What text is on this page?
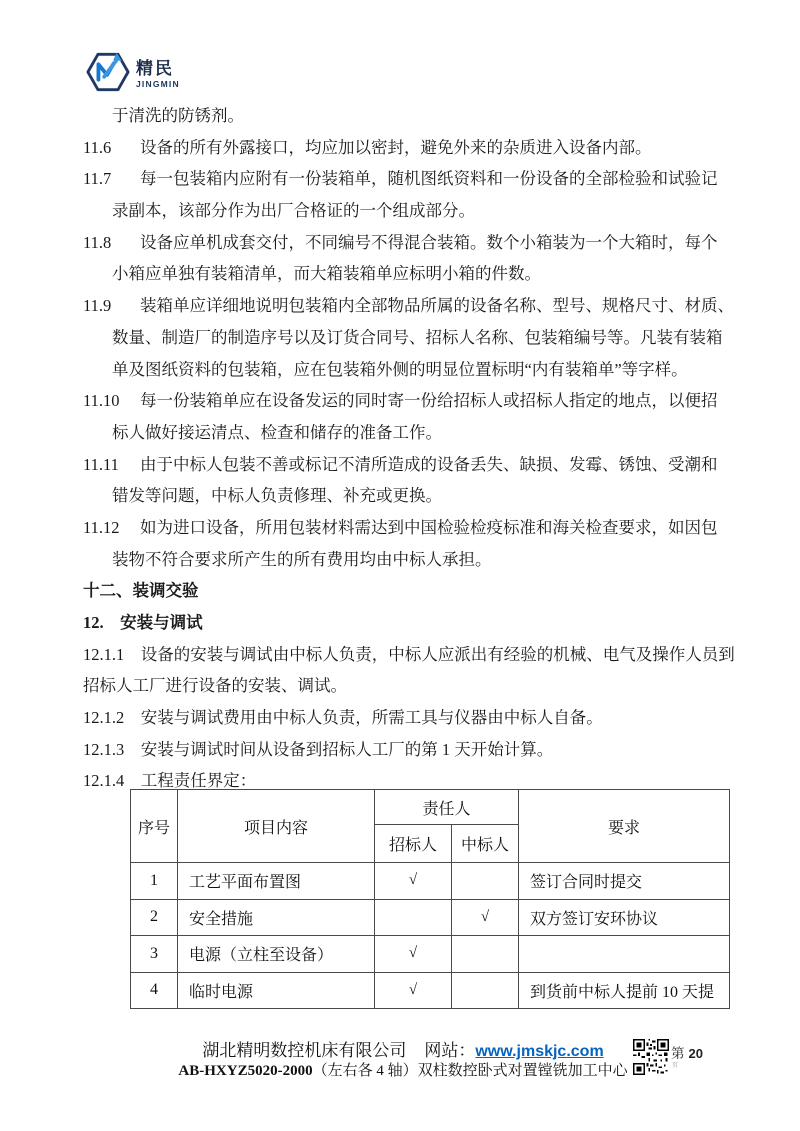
精民
JINGMIN
于清洗的防锈剂。
11.6 设备的所有外露接口，均应加以密封，避免外来的杂质进入设备内部。
11.7 每一包装箱内应附有一份装箱单，随机图纸资料和一份设备的全部检验和试验记
录副本，该部分作为出厂合格证的一个组成部分。
11.8 设备应单机成套交付，不同编号不得混合装箱。数个小箱装为一个大箱时，每个
小箱应单独有装箱清单，而大箱装箱单应标明小箱的件数。
11.9 装箱单应详细地说明包装箱内全部物品所属的设备名称、型号、规格尺寸、材质、
数量、制造厂的制造序号以及订货合同号、招标人名称、包装箱编号等。凡装有装箱
单及图纸资料的包装箱，应在包装箱外侧的明显位置标明“内有装箱单”等字样。
11.10 每一份装箱单应在设备发运的同时寄一份给招标人或招标人指定的地点，以便招
标人做好接运清点、检查和储存的准备工作。
11.11 由于中标人包装不善或标记不清所造成的设备丢失、缺损、发霉、锈蚀、受潮和
错发等问题，中标人负责修理、补充或更换。
11.12 如为进口设备，所用包装材料需达到中国检验检疫标准和海关检查要求，如因包
装物不符合要求所产生的所有费用均由中标人承担。
十二、装调交验
12.　安装与调试
12.1.1　设备的安装与调试由中标人负责，中标人应派出有经验的机械、电气及操作人员到
招标人工厂进行设备的安装、调试。
12.1.2　安装与调试费用由中标人负责，所需工具与仪器由中标人自备。
12.1.3　安装与调试时间从设备到招标人工厂的第 1 天开始计算。
12.1.4　工程责任界定：
序号	项目内容	责任人		要求
		招标人	中标人	
1	工艺平面布置图	√		签订合同时提交
2	安全措施		√	双方签订安环协议
3	电源（立柱至设备）	√		
4	临时电源	√		到货前中标人提前 10 天提
湖北精明数控机床有限公司 网站：www.jmskjc.com
AB-HXYZ5020-2000（左右各 4 轴）双柱数控卧式对置镗铣加工中心
第 20
页
